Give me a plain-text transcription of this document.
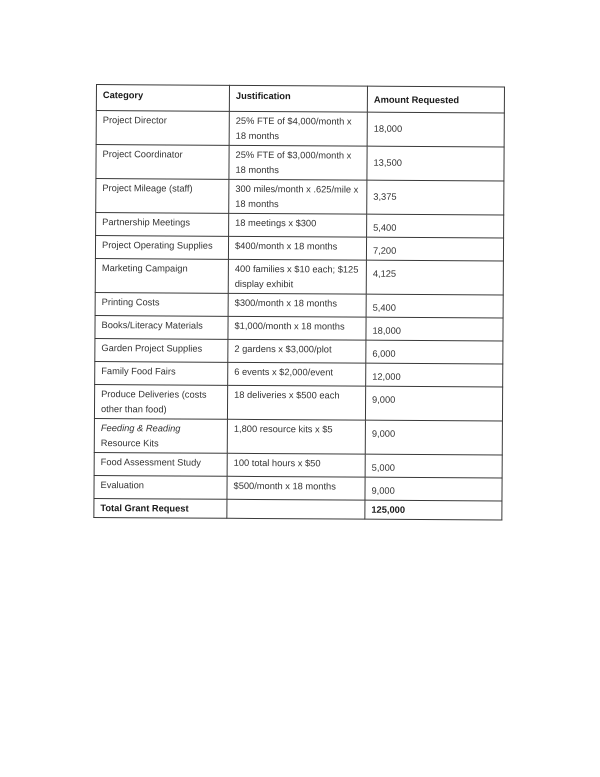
Category	Justification	Amount Requested
Project Director	25% FTE of $4,000/month x 18 months	18,000
Project Coordinator	25% FTE of $3,000/month x 18 months	13,500
Project Mileage (staff)	300 miles/month x .625/mile x 18 months	3,375
Partnership Meetings	18 meetings x $300	5,400
Project Operating Supplies	$400/month x 18 months	7,200
Marketing Campaign	400 families x $10 each; $125 display exhibit	4,125
Printing Costs	$300/month x 18 months	5,400
Books/Literacy Materials	$1,000/month x 18 months	18,000
Garden Project Supplies	2 gardens x $3,000/plot	6,000
Family Food Fairs	6 events x $2,000/event	12,000
Produce Deliveries (costs other than food)	18 deliveries x $500 each	9,000
Feeding & Reading Resource Kits	1,800 resource kits x $5	9,000
Food Assessment Study	100 total hours x $50	5,000
Evaluation	$500/month x 18 months	9,000
Total Grant Request		125,000
